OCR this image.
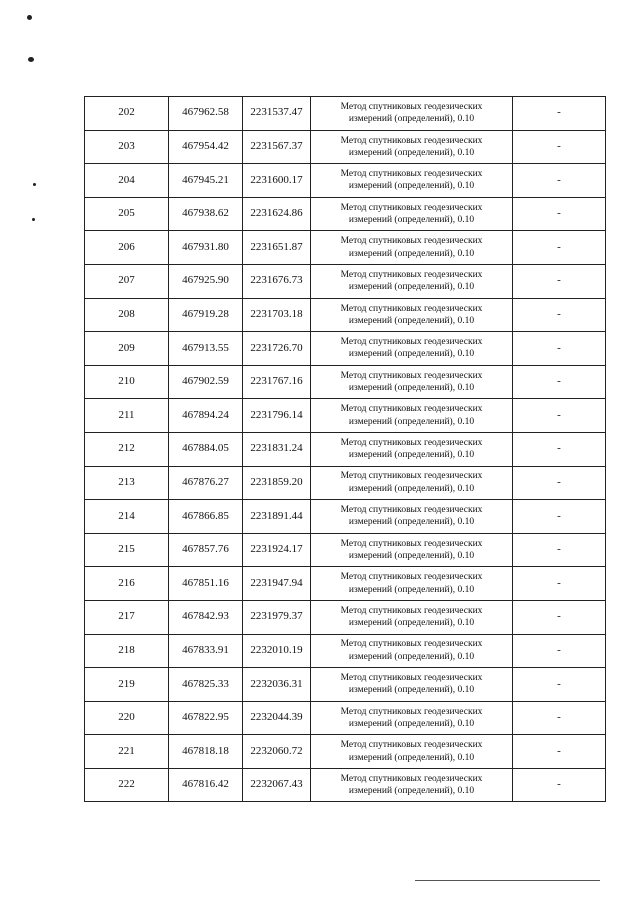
202	467962.58	2231537.47	Метод спутниковых геодезических
измерений (определений), 0.10	-
203	467954.42	2231567.37	Метод спутниковых геодезических
измерений (определений), 0.10	-
204	467945.21	2231600.17	Метод спутниковых геодезических
измерений (определений), 0.10	-
205	467938.62	2231624.86	Метод спутниковых геодезических
измерений (определений), 0.10	-
206	467931.80	2231651.87	Метод спутниковых геодезических
измерений (определений), 0.10	-
207	467925.90	2231676.73	Метод спутниковых геодезических
измерений (определений), 0.10	-
208	467919.28	2231703.18	Метод спутниковых геодезических
измерений (определений), 0.10	-
209	467913.55	2231726.70	Метод спутниковых геодезических
измерений (определений), 0.10	-
210	467902.59	2231767.16	Метод спутниковых геодезических
измерений (определений), 0.10	-
211	467894.24	2231796.14	Метод спутниковых геодезических
измерений (определений), 0.10	-
212	467884.05	2231831.24	Метод спутниковых геодезических
измерений (определений), 0.10	-
213	467876.27	2231859.20	Метод спутниковых геодезических
измерений (определений), 0.10	-
214	467866.85	2231891.44	Метод спутниковых геодезических
измерений (определений), 0.10	-
215	467857.76	2231924.17	Метод спутниковых геодезических
измерений (определений), 0.10	-
216	467851.16	2231947.94	Метод спутниковых геодезических
измерений (определений), 0.10	-
217	467842.93	2231979.37	Метод спутниковых геодезических
измерений (определений), 0.10	-
218	467833.91	2232010.19	Метод спутниковых геодезических
измерений (определений), 0.10	-
219	467825.33	2232036.31	Метод спутниковых геодезических
измерений (определений), 0.10	-
220	467822.95	2232044.39	Метод спутниковых геодезических
измерений (определений), 0.10	-
221	467818.18	2232060.72	Метод спутниковых геодезических
измерений (определений), 0.10	-
222	467816.42	2232067.43	Метод спутниковых геодезических
измерений (определений), 0.10	-
